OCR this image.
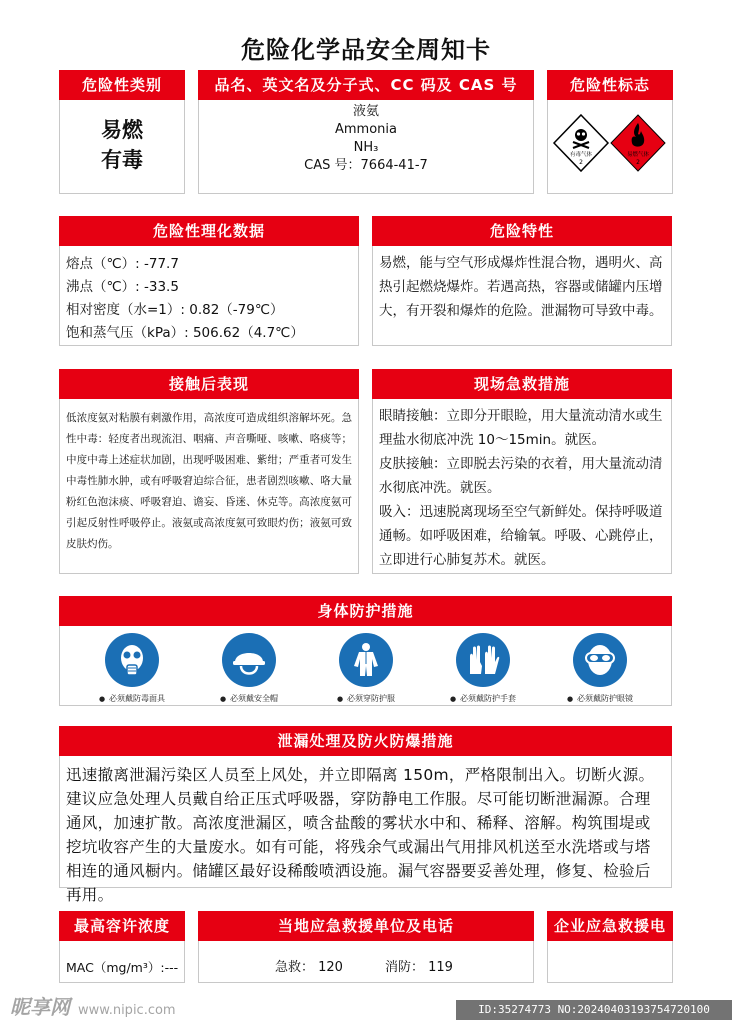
危险化学品安全周知卡
危险性类别
易燃
有毒
品名、英文名及分子式、CC 码及 CAS 号
液氨
Ammonia
NH₃
CAS 号：7664-41-7
危险性标志
有毒气体
2
易燃气体
2
危险性理化数据
熔点（℃）: -77.7
沸点（℃）: -33.5
相对密度（水=1）: 0.82（-79℃）
饱和蒸气压（kPa）: 506.62（4.7℃）
危险特性
易燃，能与空气形成爆炸性混合物，遇明火、高热引起燃烧爆炸。若遇高热，容器或储罐内压增大，有开裂和爆炸的危险。泄漏物可导致中毒。
接触后表现
低浓度氨对粘膜有刺激作用，高浓度可造成组织溶解坏死。急性中毒：轻度者出现流泪、咽痛、声音嘶哑、咳嗽、咯痰等；中度中毒上述症状加剧，出现呼吸困难、紫绀；严重者可发生中毒性肺水肿，或有呼吸窘迫综合征，患者剧烈咳嗽、咯大量粉红色泡沫痰、呼吸窘迫、谵妄、昏迷、休克等。高浓度氨可引起反射性呼吸停止。液氨或高浓度氨可致眼灼伤；液氨可致皮肤灼伤。
现场急救措施
眼睛接触：立即分开眼睑，用大量流动清水或生理盐水彻底冲洗 10～15min。就医。
皮肤接触：立即脱去污染的衣着，用大量流动清水彻底冲洗。就医。
吸入：迅速脱离现场至空气新鲜处。保持呼吸道通畅。如呼吸困难，给输氧。呼吸、心跳停止，立即进行心肺复苏术。就医。
身体防护措施
● 必须戴防毒面具	● 必须戴安全帽	● 必须穿防护服	● 必须戴防护手套	● 必须戴防护眼镜
泄漏处理及防火防爆措施
迅速撤离泄漏污染区人员至上风处，并立即隔离 150m，严格限制出入。切断火源。建议应急处理人员戴自给正压式呼吸器，穿防静电工作服。尽可能切断泄漏源。合理通风，加速扩散。高浓度泄漏区，喷含盐酸的雾状水中和、稀释、溶解。构筑围堤或挖坑收容产生的大量废水。如有可能，将残余气或漏出气用排风机送至水洗塔或与塔相连的通风橱内。储罐区最好设稀酸喷洒设施。漏气容器要妥善处理，修复、检验后再用。
最高容许浓度
MAC（mg/m³）:---
当地应急救援单位及电话
急救： 120	消防： 119
企业应急救援电话
昵享网 www.nipic.com	ID:35274773 NO:20240403193754720100
